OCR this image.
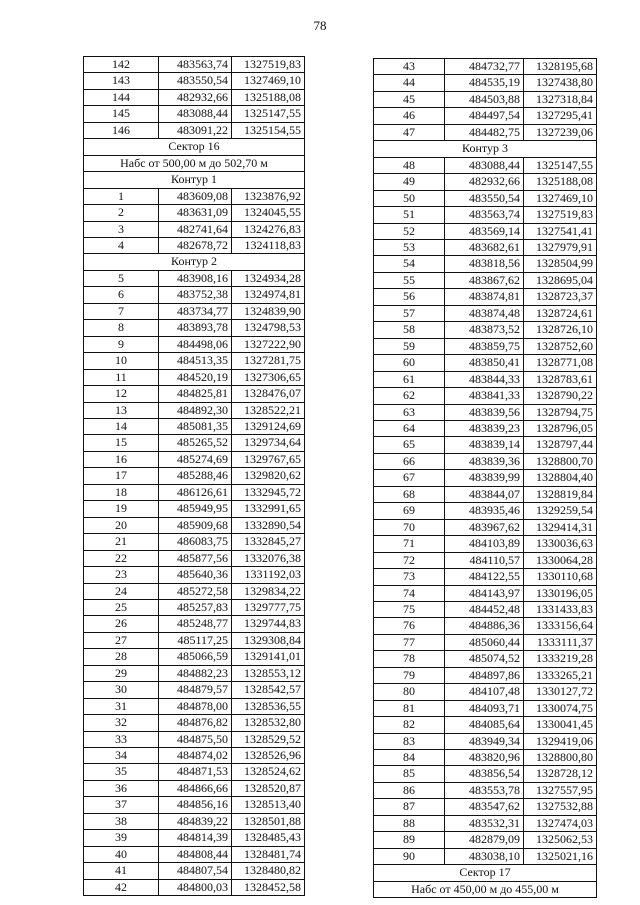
78
142	483563,74	1327519,83
143	483550,54	1327469,10
144	482932,66	1325188,08
145	483088,44	1325147,55
146	483091,22	1325154,55
Сектор 16		
Набс от 500,00 м до 502,70 м		
Контур 1		
1	483609,08	1323876,92
2	483631,09	1324045,55
3	482741,64	1324276,83
4	482678,72	1324118,83
Контур 2		
5	483908,16	1324934,28
6	483752,38	1324974,81
7	483734,77	1324839,90
8	483893,78	1324798,53
9	484498,06	1327222,90
10	484513,35	1327281,75
11	484520,19	1327306,65
12	484825,81	1328476,07
13	484892,30	1328522,21
14	485081,35	1329124,69
15	485265,52	1329734,64
16	485274,69	1329767,65
17	485288,46	1329820,62
18	486126,61	1332945,72
19	485949,95	1332991,65
20	485909,68	1332890,54
21	486083,75	1332845,27
22	485877,56	1332076,38
23	485640,36	1331192,03
24	485272,58	1329834,22
25	485257,83	1329777,75
26	485248,77	1329744,83
27	485117,25	1329308,84
28	485066,59	1329141,01
29	484882,23	1328553,12
30	484879,57	1328542,57
31	484878,00	1328536,55
32	484876,82	1328532,80
33	484875,50	1328529,52
34	484874,02	1328526,96
35	484871,53	1328524,62
36	484866,66	1328520,87
37	484856,16	1328513,40
38	484839,22	1328501,88
39	484814,39	1328485,43
40	484808,44	1328481,74
41	484807,54	1328480,82
42	484800,03	1328452,58
43	484732,77	1328195,68
44	484535,19	1327438,80
45	484503,88	1327318,84
46	484497,54	1327295,41
47	484482,75	1327239,06
Контур 3		
48	483088,44	1325147,55
49	482932,66	1325188,08
50	483550,54	1327469,10
51	483563,74	1327519,83
52	483569,14	1327541,41
53	483682,61	1327979,91
54	483818,56	1328504,99
55	483867,62	1328695,04
56	483874,81	1328723,37
57	483874,48	1328724,61
58	483873,52	1328726,10
59	483859,75	1328752,60
60	483850,41	1328771,08
61	483844,33	1328783,61
62	483841,33	1328790,22
63	483839,56	1328794,75
64	483839,23	1328796,05
65	483839,14	1328797,44
66	483839,36	1328800,70
67	483839,99	1328804,40
68	483844,07	1328819,84
69	483935,46	1329259,54
70	483967,62	1329414,31
71	484103,89	1330036,63
72	484110,57	1330064,28
73	484122,55	1330110,68
74	484143,97	1330196,05
75	484452,48	1331433,83
76	484886,36	1333156,64
77	485060,44	1333111,37
78	485074,52	1333219,28
79	484897,86	1333265,21
80	484107,48	1330127,72
81	484093,71	1330074,75
82	484085,64	1330041,45
83	483949,34	1329419,06
84	483820,96	1328800,80
85	483856,54	1328728,12
86	483553,78	1327557,95
87	483547,62	1327532,88
88	483532,31	1327474,03
89	482879,09	1325062,53
90	483038,10	1325021,16
Сектор 17		
Набс от 450,00 м до 455,00 м		
